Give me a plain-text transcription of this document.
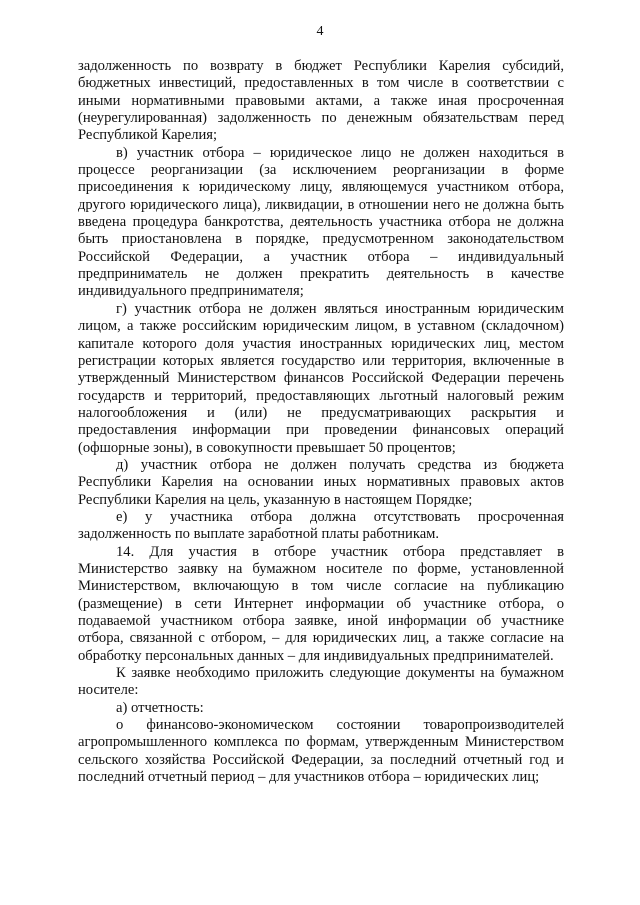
4

задолженность по возврату в бюджет Республики Карелия субсидий, бюджетных инвестиций, предоставленных в том числе в соответствии с иными нормативными правовыми актами, а также иная просроченная (неурегулированная) задолженность по денежным обязательствам перед Республикой Карелия;

в) участник отбора – юридическое лицо не должен находиться в процессе реорганизации (за исключением реорганизации в форме присоединения к юридическому лицу, являющемуся участником отбора, другого юридического лица), ликвидации, в отношении него не должна быть введена процедура банкротства, деятельность участника отбора не должна быть приостановлена в порядке, предусмотренном законодательством Российской Федерации, а участник отбора – индивидуальный предприниматель не должен прекратить деятельность в качестве индивидуального предпринимателя;

г) участник отбора не должен являться иностранным юридическим лицом, а также российским юридическим лицом, в уставном (складочном) капитале которого доля участия иностранных юридических лиц, местом регистрации которых является государство или территория, включенные в утвержденный Министерством финансов Российской Федерации перечень государств и территорий, предоставляющих льготный налоговый режим налогообложения и (или) не предусматривающих раскрытия и предоставления информации при проведении финансовых операций (офшорные зоны), в совокупности превышает 50 процентов;

д) участник отбора не должен получать средства из бюджета Республики Карелия на основании иных нормативных правовых актов Республики Карелия на цель, указанную в настоящем Порядке;

е) у участника отбора должна отсутствовать просроченная задолженность по выплате заработной платы работникам.

14. Для участия в отборе участник отбора представляет в Министерство заявку на бумажном носителе по форме, установленной Министерством, включающую в том числе согласие на публикацию (размещение) в сети Интернет информации об участнике отбора, о подаваемой участником отбора заявке, иной информации об участнике отбора, связанной с отбором, – для юридических лиц, а также согласие на обработку персональных данных – для индивидуальных предпринимателей.

К заявке необходимо приложить следующие документы на бумажном носителе:

а) отчетность:

о финансово-экономическом состоянии товаропроизводителей агропромышленного комплекса по формам, утвержденным Министерством сельского хозяйства Российской Федерации, за последний отчетный год и последний отчетный период – для участников отбора – юридических лиц;
